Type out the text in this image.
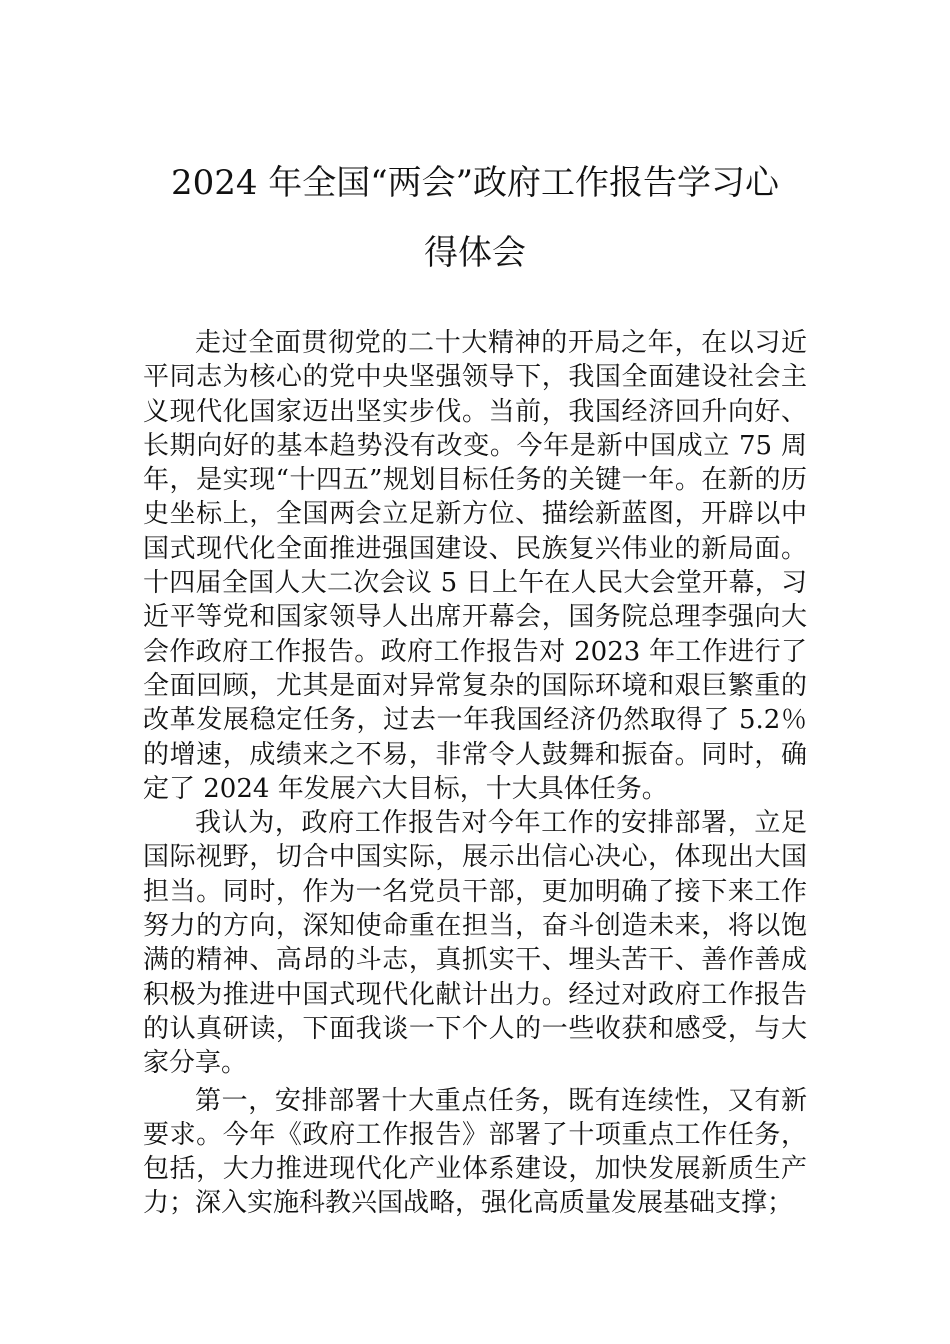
2024 年全国“两会”政府工作报告学习心
得体会

走过全面贯彻党的二十大精神的开局之年，在以习近平同志为核心的党中央坚强领导下，我国全面建设社会主义现代化国家迈出坚实步伐。当前，我国经济回升向好、长期向好的基本趋势没有改变。今年是新中国成立 75 周年，是实现“十四五”规划目标任务的关键一年。在新的历史坐标上，全国两会立足新方位、描绘新蓝图，开辟以中国式现代化全面推进强国建设、民族复兴伟业的新局面。十四届全国人大二次会议 5 日上午在人民大会堂开幕，习近平等党和国家领导人出席开幕会，国务院总理李强向大会作政府工作报告。政府工作报告对 2023 年工作进行了全面回顾，尤其是面对异常复杂的国际环境和艰巨繁重的改革发展稳定任务，过去一年我国经济仍然取得了 5.2％的增速，成绩来之不易，非常令人鼓舞和振奋。同时，确定了 2024 年发展六大目标，十大具体任务。

我认为，政府工作报告对今年工作的安排部署，立足国际视野，切合中国实际，展示出信心决心，体现出大国担当。同时，作为一名党员干部，更加明确了接下来工作努力的方向，深知使命重在担当，奋斗创造未来，将以饱满的精神、高昂的斗志，真抓实干、埋头苦干、善作善成积极为推进中国式现代化献计出力。经过对政府工作报告的认真研读，下面我谈一下个人的一些收获和感受，与大家分享。

第一，安排部署十大重点任务，既有连续性，又有新要求。今年《政府工作报告》部署了十项重点工作任务，包括，大力推进现代化产业体系建设，加快发展新质生产力；深入实施科教兴国战略，强化高质量发展基础支撑；
